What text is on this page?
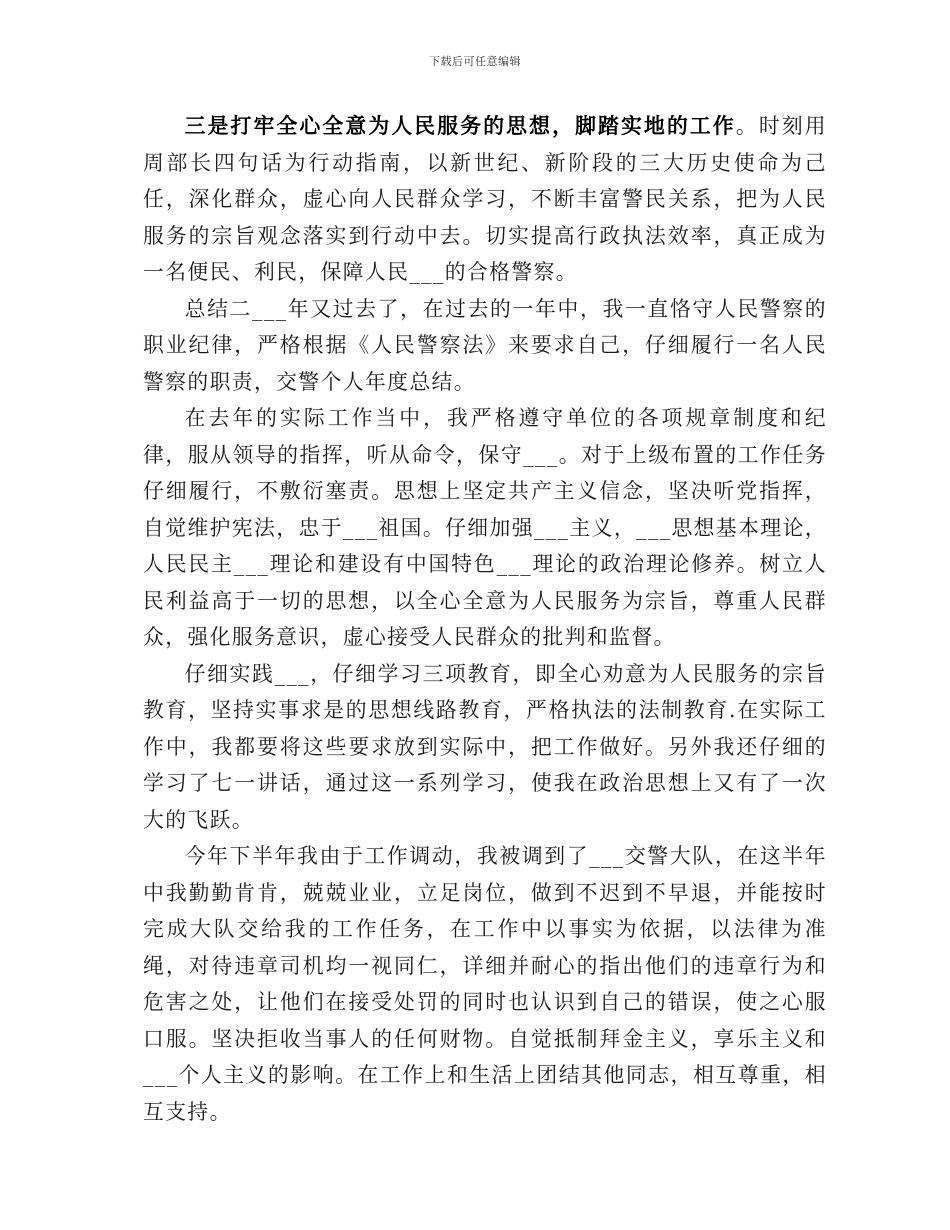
下载后可任意编辑

三是打牢全心全意为人民服务的思想，脚踏实地的工作。时刻用周部长四句话为行动指南，以新世纪、新阶段的三大历史使命为己任，深化群众，虚心向人民群众学习，不断丰富警民关系，把为人民服务的宗旨观念落实到行动中去。切实提高行政执法效率，真正成为一名便民、利民，保障人民___的合格警察。

总结二___年又过去了，在过去的一年中，我一直恪守人民警察的职业纪律，严格根据《人民警察法》来要求自己，仔细履行一名人民警察的职责，交警个人年度总结。

在去年的实际工作当中，我严格遵守单位的各项规章制度和纪律，服从领导的指挥，听从命令，保守___。对于上级布置的工作任务仔细履行，不敷衍塞责。思想上坚定共产主义信念，坚决听党指挥，自觉维护宪法，忠于___祖国。仔细加强___主义，___思想基本理论，人民民主___理论和建设有中国特色___理论的政治理论修养。树立人民利益高于一切的思想，以全心全意为人民服务为宗旨，尊重人民群众，强化服务意识，虚心接受人民群众的批判和监督。

仔细实践___，仔细学习三项教育，即全心劝意为人民服务的宗旨教育，坚持实事求是的思想线路教育，严格执法的法制教育.在实际工作中，我都要将这些要求放到实际中，把工作做好。另外我还仔细的学习了七一讲话，通过这一系列学习，使我在政治思想上又有了一次大的飞跃。

今年下半年我由于工作调动，我被调到了___交警大队，在这半年中我勤勤肯肯，兢兢业业，立足岗位，做到不迟到不早退，并能按时完成大队交给我的工作任务，在工作中以事实为依据，以法律为准绳，对待违章司机均一视同仁，详细并耐心的指出他们的违章行为和危害之处，让他们在接受处罚的同时也认识到自己的错误，使之心服口服。坚决拒收当事人的任何财物。自觉抵制拜金主义，享乐主义和___个人主义的影响。在工作上和生活上团结其他同志，相互尊重，相互支持。
